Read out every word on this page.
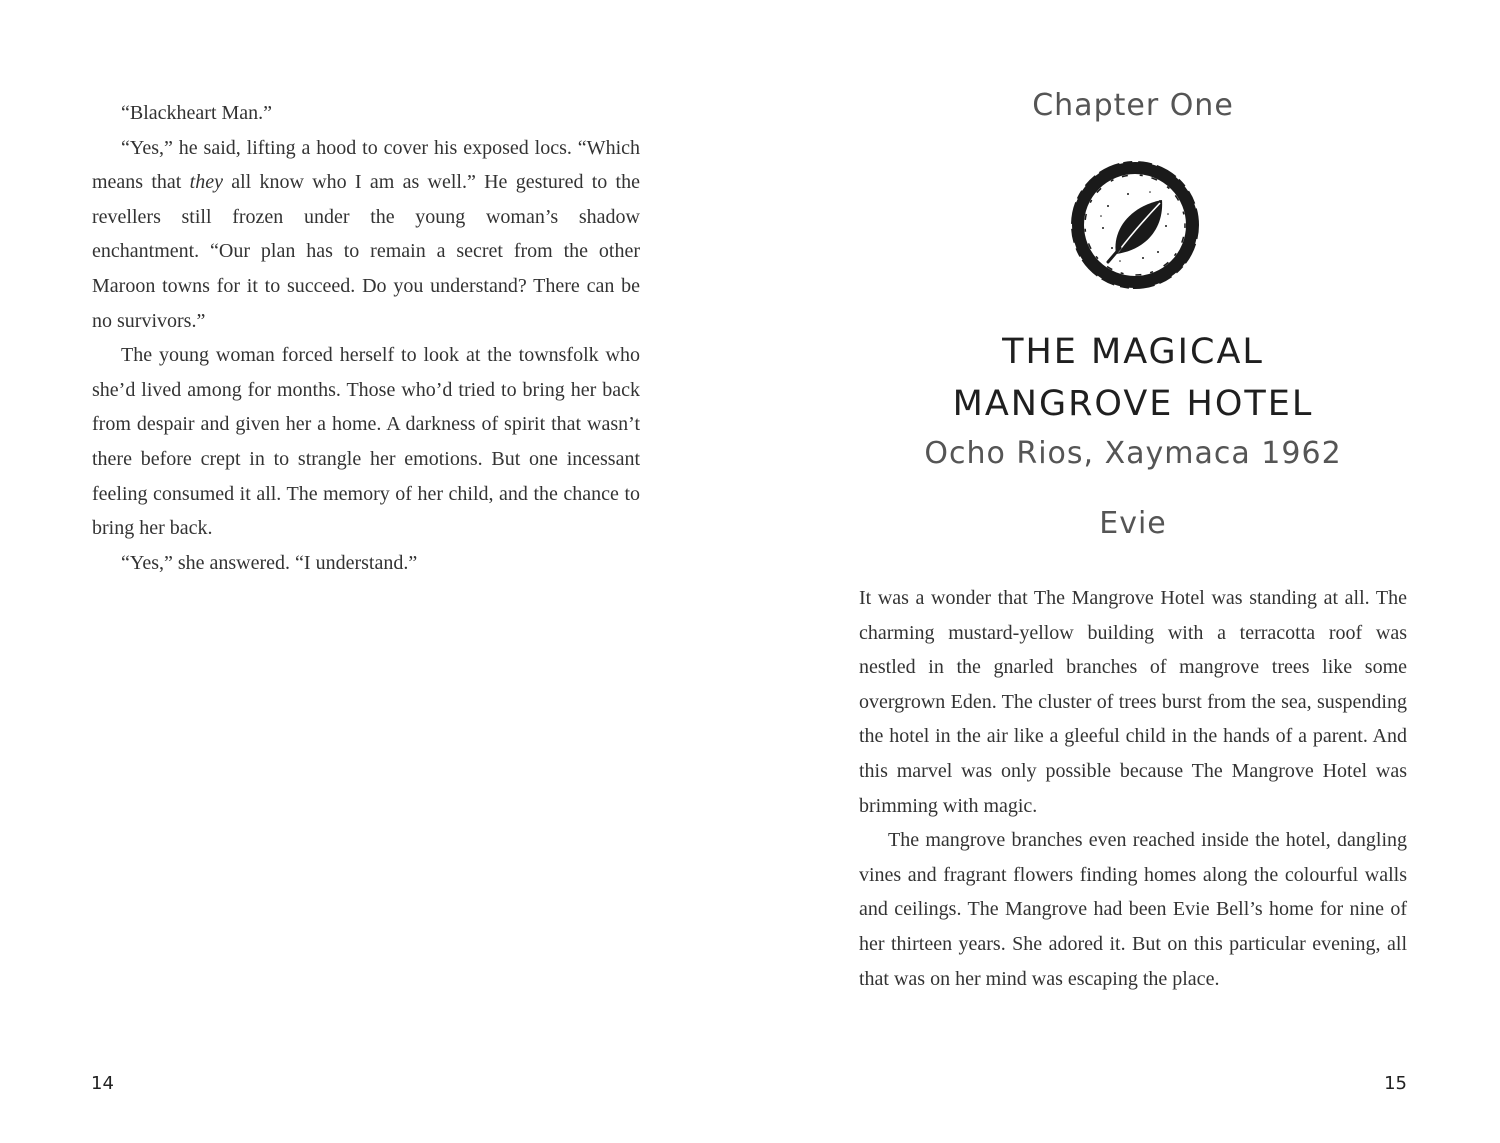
“Blackheart Man.”

“Yes,” he said, lifting a hood to cover his exposed locs. “Which means that they all know who I am as well.” He gestured to the revellers still frozen under the young woman’s shadow enchantment. “Our plan has to remain a secret from the other Maroon towns for it to succeed. Do you understand? There can be no survivors.”

The young woman forced herself to look at the townsfolk who she’d lived among for months. Those who’d tried to bring her back from despair and given her a home. A darkness of spirit that wasn’t there before crept in to strangle her emotions. But one incessant feeling consumed it all. The memory of her child, and the chance to bring her back.

“Yes,” she answered. “I understand.”

14
Chapter One
THE MAGICAL
MANGROVE HOTEL
Ocho Rios, Xaymaca 1962
Evie

It was a wonder that The Mangrove Hotel was standing at all. The charming mustard-yellow building with a terracotta roof was nestled in the gnarled branches of mangrove trees like some overgrown Eden. The cluster of trees burst from the sea, suspending the hotel in the air like a gleeful child in the hands of a parent. And this marvel was only possible because The Mangrove Hotel was brimming with magic.

The mangrove branches even reached inside the hotel, dangling vines and fragrant flowers finding homes along the colourful walls and ceilings. The Mangrove had been Evie Bell’s home for nine of her thirteen years. She adored it. But on this particular evening, all that was on her mind was escaping the place.

15
